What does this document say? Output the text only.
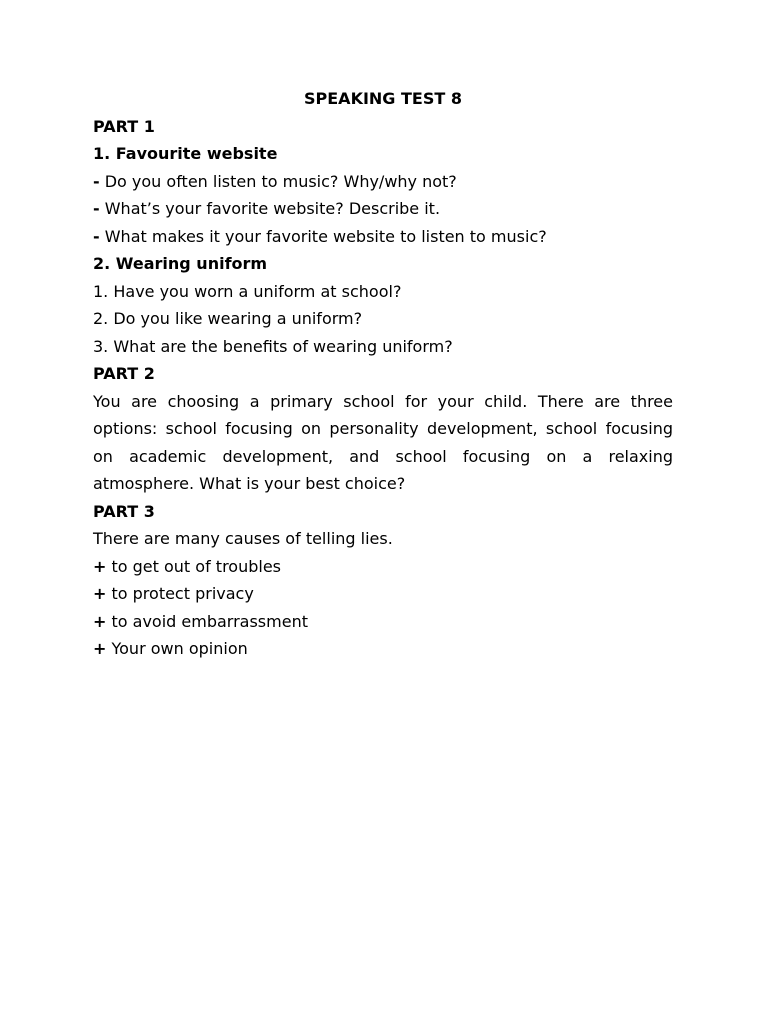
SPEAKING TEST 8
PART 1
1. Favourite website
- Do you often listen to music? Why/why not?
- What’s your favorite website? Describe it.
- What makes it your favorite website to listen to music?
2. Wearing uniform
1. Have you worn a uniform at school?
2. Do you like wearing a uniform?
3. What are the benefits of wearing uniform?
PART 2
You are choosing a primary school for your child. There are three options: school focusing on personality development, school focusing on academic development, and school focusing on a relaxing atmosphere. What is your best choice?
PART 3
There are many causes of telling lies.
+ to get out of troubles
+ to protect privacy
+ to avoid embarrassment
+ Your own opinion
